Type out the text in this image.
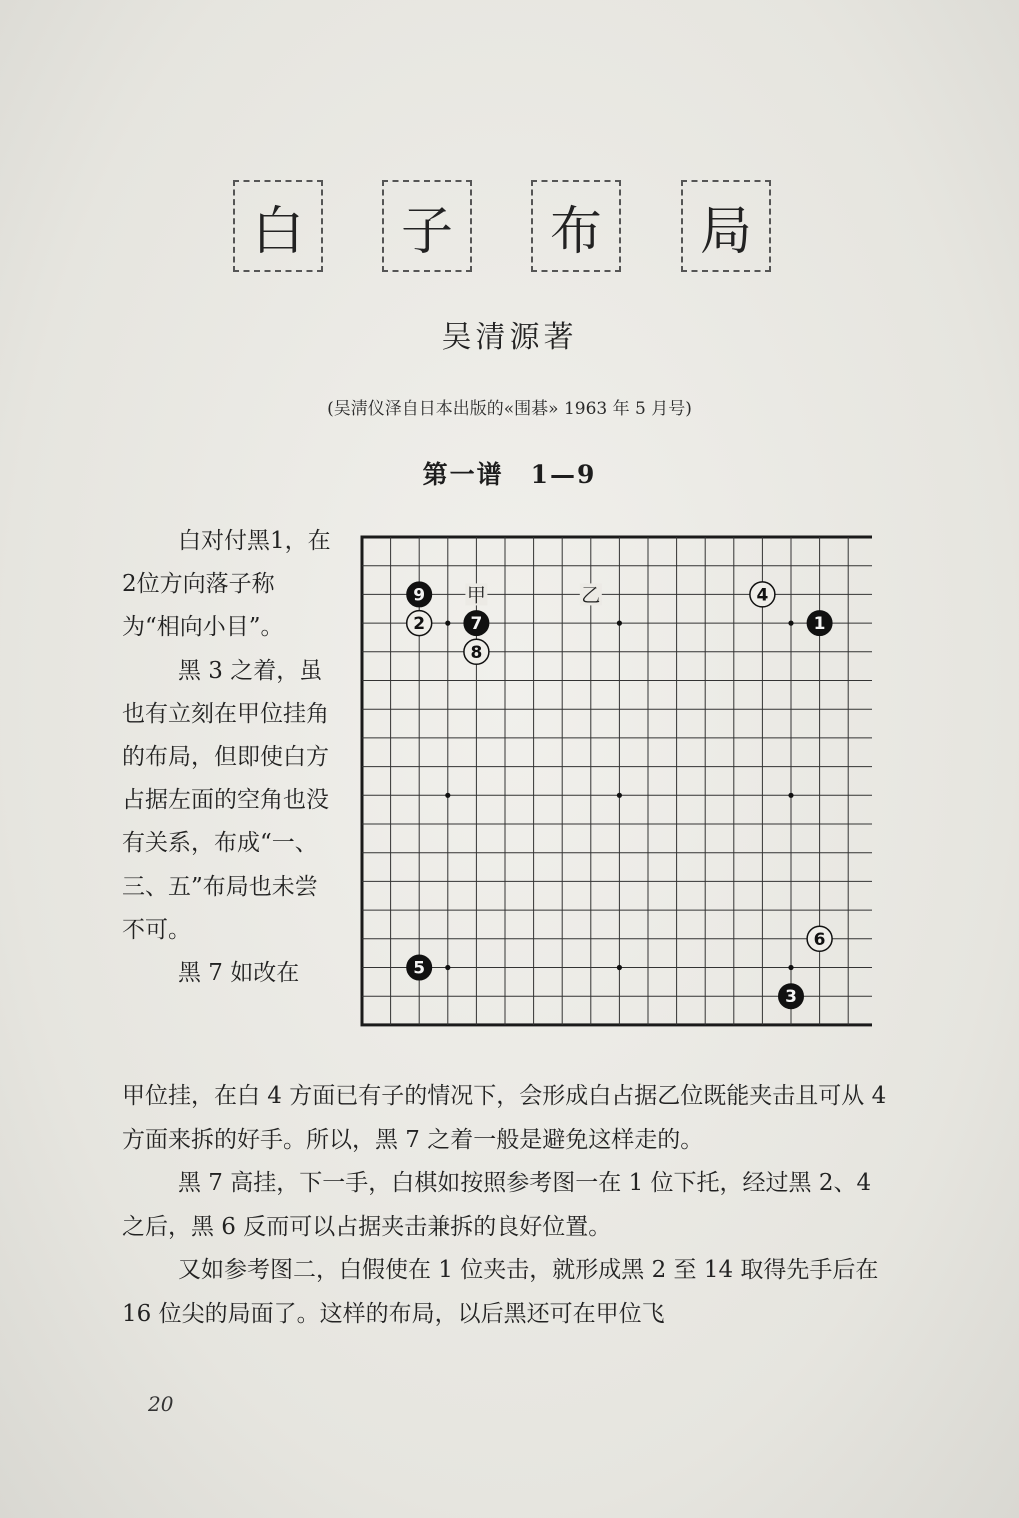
白	子	布	局
吴清源著
(吴淸仪泽自日本出版的«围碁» 1963 年 5 月号)
第一谱　1—9

白对付黑1，在2位方向落子称为“相向小目”。

黑 3 之着，虽也有立刻在甲位挂角的布局，但即使白方占据左面的空角也没有关系，布成“一、三、五”布局也未尝不可。

黑 7 如改在

甲	乙
1
2
3
4
5
6
7
8
9

甲位挂，在白 4 方面已有子的情况下，会形成白占据乙位既能夹击且可从 4 方面来拆的好手。所以，黑 7 之着一般是避免这样走的。

黑 7 高挂，下一手，白棋如按照参考图一在 1 位下托，经过黑 2、4 之后，黑 6 反而可以占据夹击兼拆的良好位置。

又如参考图二，白假使在 1 位夹击，就形成黑 2 至 14 取得先手后在 16 位尖的局面了。这样的布局，以后黑还可在甲位飞

20
